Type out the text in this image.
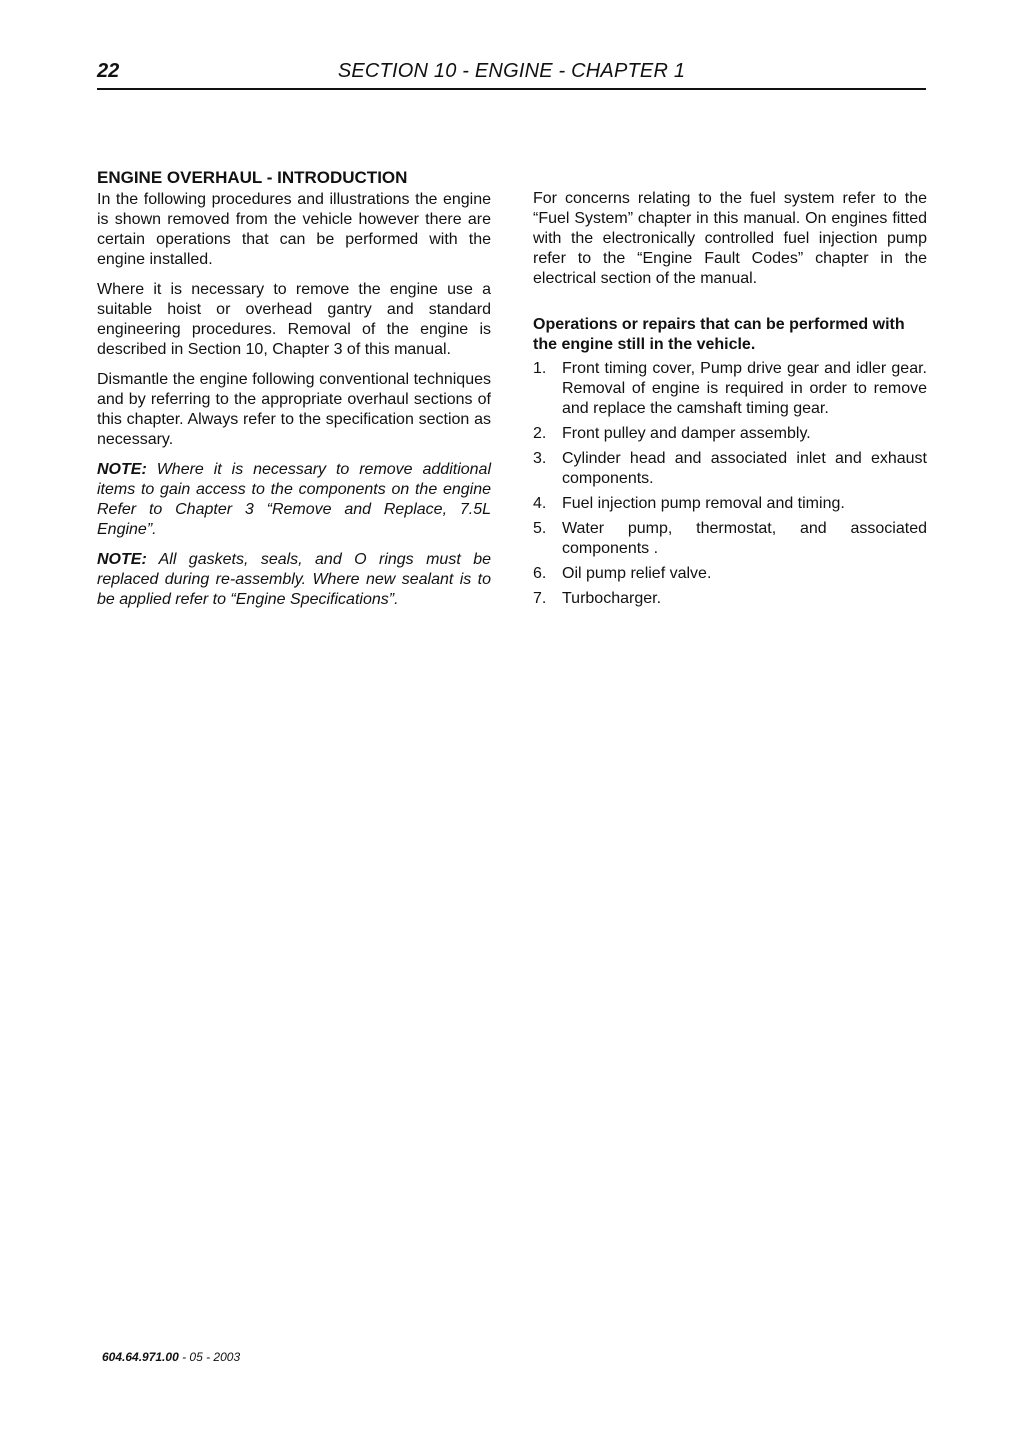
22	SECTION 10 - ENGINE - CHAPTER 1
ENGINE OVERHAUL - INTRODUCTION

In the following procedures and illustrations the engine is shown removed from the vehicle however there are certain operations that can be performed with the engine installed.

Where it is necessary to remove the engine use a suitable hoist or overhead gantry and standard engineering procedures. Removal of the engine is described in Section 10, Chapter 3 of this manual.

Dismantle the engine following conventional techniques and by referring to the appropriate overhaul sections of this chapter. Always refer to the specification section as necessary.

NOTE: Where it is necessary to remove additional items to gain access to the components on the engine Refer to Chapter 3 “Remove and Replace, 7.5L Engine”.

NOTE: All gaskets, seals, and O rings must be replaced during re-assembly. Where new sealant is to be applied refer to “Engine Specifications”.

For concerns relating to the fuel system refer to the “Fuel System” chapter in this manual. On engines fitted with the electronically controlled fuel injection pump refer to the “Engine Fault Codes” chapter in the electrical section of the manual.

Operations or repairs that can be performed with the engine still in the vehicle.
1. Front timing cover, Pump drive gear and idler gear. Removal of engine is required in order to remove and replace the camshaft timing gear.
2. Front pulley and damper assembly.
3. Cylinder head and associated inlet and exhaust components.
4. Fuel injection pump removal and timing.
5. Water pump, thermostat, and associated components .
6. Oil pump relief valve.
7. Turbocharger.
604.64.971.00 - 05 - 2003
